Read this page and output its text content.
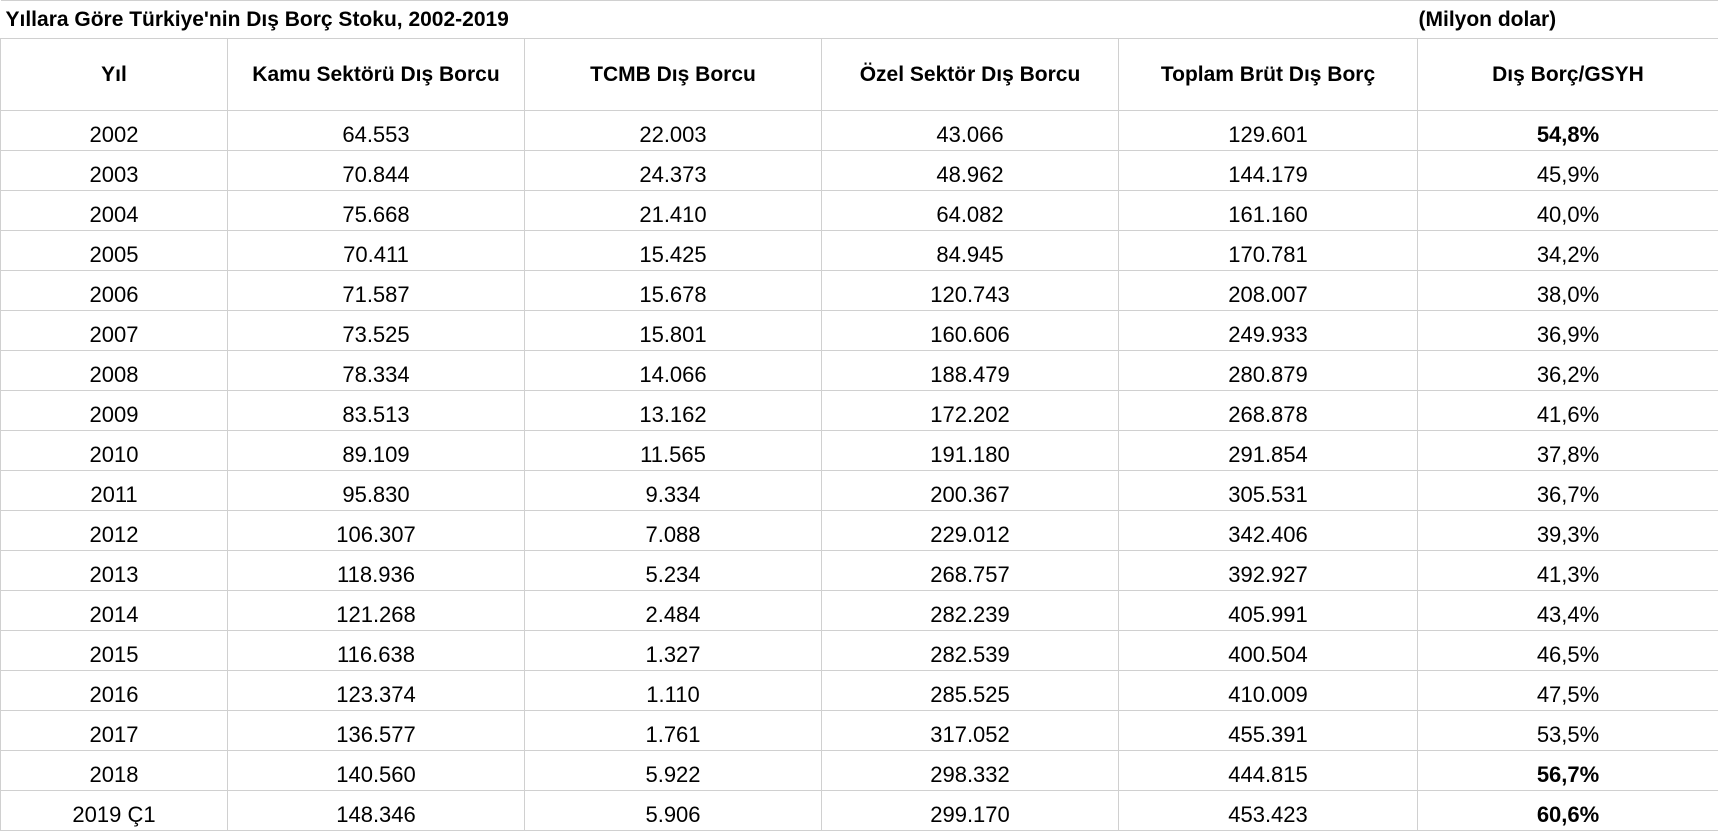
Yıllara Göre Türkiye'nin Dış Borç Stoku, 2002-2019				(Milyon dolar)	
Yıl	Kamu Sektörü Dış Borcu	TCMB Dış Borcu	Özel Sektör Dış Borcu	Toplam Brüt Dış Borç	Dış Borç/GSYH
2002	64.553	22.003	43.066	129.601	54,8%
2003	70.844	24.373	48.962	144.179	45,9%
2004	75.668	21.410	64.082	161.160	40,0%
2005	70.411	15.425	84.945	170.781	34,2%
2006	71.587	15.678	120.743	208.007	38,0%
2007	73.525	15.801	160.606	249.933	36,9%
2008	78.334	14.066	188.479	280.879	36,2%
2009	83.513	13.162	172.202	268.878	41,6%
2010	89.109	11.565	191.180	291.854	37,8%
2011	95.830	9.334	200.367	305.531	36,7%
2012	106.307	7.088	229.012	342.406	39,3%
2013	118.936	5.234	268.757	392.927	41,3%
2014	121.268	2.484	282.239	405.991	43,4%
2015	116.638	1.327	282.539	400.504	46,5%
2016	123.374	1.110	285.525	410.009	47,5%
2017	136.577	1.761	317.052	455.391	53,5%
2018	140.560	5.922	298.332	444.815	56,7%
2019 Ç1	148.346	5.906	299.170	453.423	60,6%
